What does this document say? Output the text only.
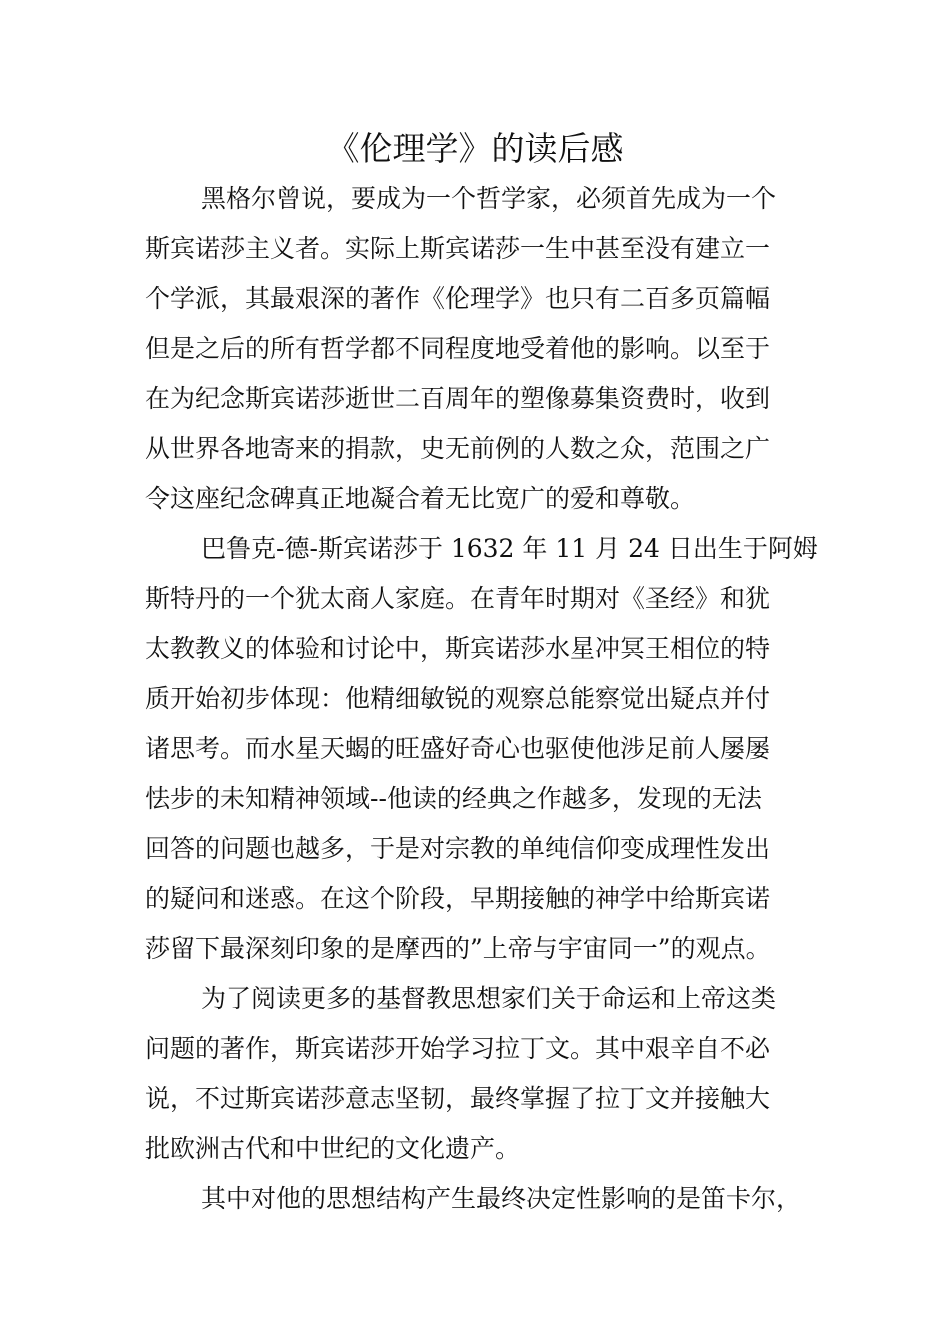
《伦理学》的读后感
黑格尔曾说，要成为一个哲学家，必须首先成为一个
斯宾诺莎主义者。实际上斯宾诺莎一生中甚至没有建立一
个学派，其最艰深的著作《伦理学》也只有二百多页篇幅
但是之后的所有哲学都不同程度地受着他的影响。以至于
在为纪念斯宾诺莎逝世二百周年的塑像募集资费时，收到
从世界各地寄来的捐款，史无前例的人数之众，范围之广
令这座纪念碑真正地凝合着无比宽广的爱和尊敬。
巴鲁克-德-斯宾诺莎于 1632 年 11 月 24 日出生于阿姆
斯特丹的一个犹太商人家庭。在青年时期对《圣经》和犹
太教教义的体验和讨论中，斯宾诺莎水星冲冥王相位的特
质开始初步体现：他精细敏锐的观察总能察觉出疑点并付
诸思考。而水星天蝎的旺盛好奇心也驱使他涉足前人屡屡
怯步的未知精神领域--他读的经典之作越多，发现的无法
回答的问题也越多，于是对宗教的单纯信仰变成理性发出
的疑问和迷惑。在这个阶段，早期接触的神学中给斯宾诺
莎留下最深刻印象的是摩西的”上帝与宇宙同一”的观点。
为了阅读更多的基督教思想家们关于命运和上帝这类
问题的著作，斯宾诺莎开始学习拉丁文。其中艰辛自不必
说，不过斯宾诺莎意志坚韧，最终掌握了拉丁文并接触大
批欧洲古代和中世纪的文化遗产。
其中对他的思想结构产生最终决定性影响的是笛卡尔，
